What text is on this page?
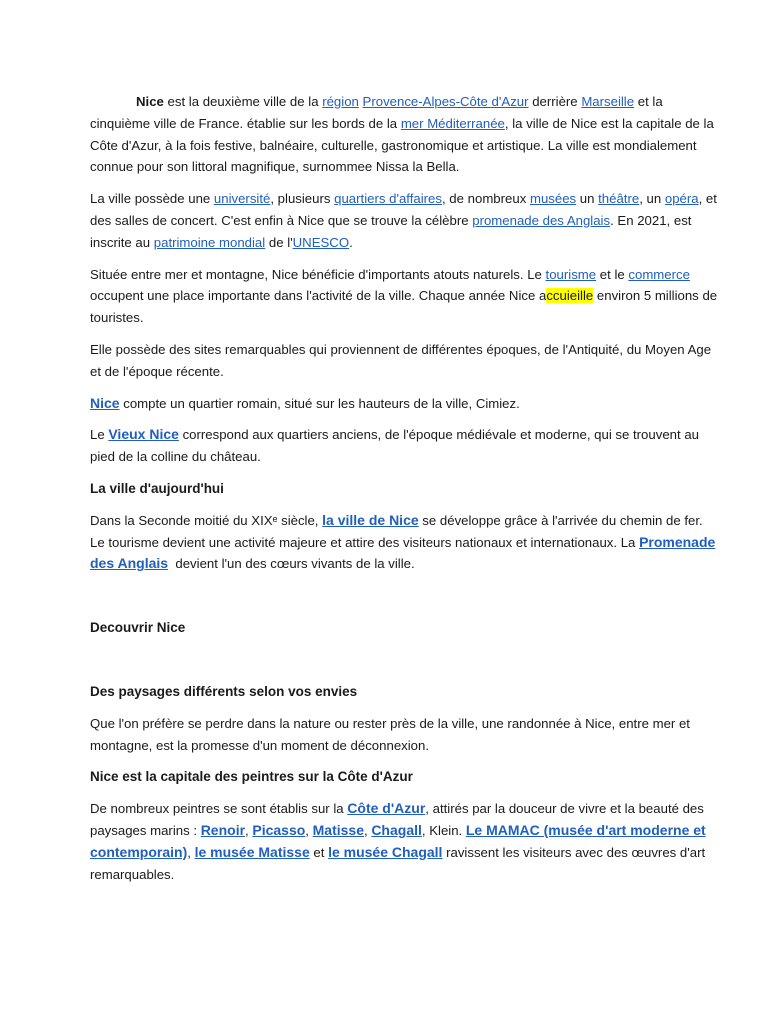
Nice est la deuxième ville de la région Provence-Alpes-Côte d'Azur derrière Marseille et la cinquième ville de France. établie sur les bords de la mer Méditerranée, la ville de Nice est la capitale de la Côte d'Azur, à la fois festive, balnéaire, culturelle, gastronomique et artistique. La ville est mondialement connue pour son littoral magnifique, surnommee Nissa la Bella.

La ville possède une université, plusieurs quartiers d'affaires, de nombreux musées un théâtre, un opéra, et des salles de concert. C'est enfin à Nice que se trouve la célèbre promenade des Anglais. En 2021, est inscrite au patrimoine mondial de l'UNESCO.

Située entre mer et montagne, Nice bénéficie d'importants atouts naturels. Le tourisme et le commerce  occupent une place importante dans l'activité de la ville. Chaque année Nice accuieille environ 5 millions de touristes.

Elle possède des sites remarquables qui proviennent de différentes époques, de l'Antiquité, du Moyen Age et de l'époque récente.

Nice compte un quartier romain, situé sur les hauteurs de la ville, Cimiez.

Le Vieux Nice correspond aux quartiers anciens, de l'époque médiévale et moderne, qui se trouvent au pied de la colline du château.

La ville d'aujourd'hui

Dans la Seconde moitié du XIXᵉ siècle, la ville de Nice se développe grâce à l'arrivée du chemin de fer. Le tourisme devient une activité majeure et attire des visiteurs nationaux et internationaux. La Promenade des Anglais  devient l'un des cœurs vivants de la ville.

Decouvrir Nice
Des paysages différents selon vos envies

Que l'on préfère se perdre dans la nature ou rester près de la ville, une randonnée à Nice, entre mer et montagne, est la promesse d'un moment de déconnexion.

Nice est la capitale des peintres sur la Côte d'Azur

De nombreux peintres se sont établis sur la Côte d'Azur, attirés par la douceur de vivre et la beauté des paysages marins : Renoir, Picasso, Matisse, Chagall, Klein. Le MAMAC (musée d'art moderne et contemporain), le musée Matisse et le musée Chagall ravissent les visiteurs avec des œuvres d'art remarquables.
